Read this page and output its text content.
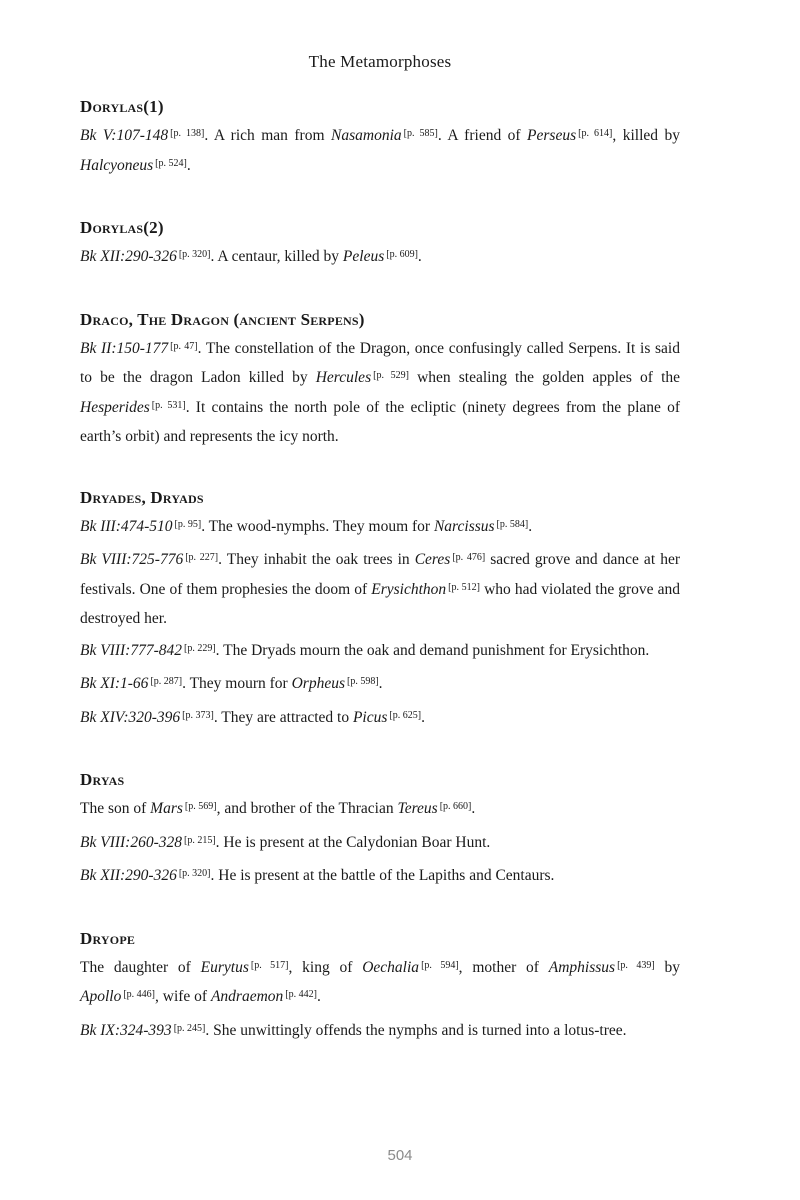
The Metamorphoses
Dorylas(1)

Bk V:107-148 [p. 138]. A rich man from Nasamonia [p. 585]. A friend of Perseus [p. 614], killed by Halcyoneus [p. 524].

Dorylas(2)

Bk XII:290-326 [p. 320]. A centaur, killed by Peleus [p. 609].

Draco, The Dragon (ancient Serpens)

Bk II:150-177 [p. 47]. The constellation of the Dragon, once confusingly called Serpens. It is said to be the dragon Ladon killed by Hercules [p. 529] when stealing the golden apples of the Hesperides [p. 531]. It contains the north pole of the ecliptic (ninety degrees from the plane of earth’s orbit) and represents the icy north.

Dryades, Dryads

Bk III:474-510 [p. 95]. The wood-nymphs. They moum for Narcissus [p. 584].

Bk VIII:725-776 [p. 227]. They inhabit the oak trees in Ceres [p. 476] sacred grove and dance at her festivals. One of them prophesies the doom of Erysichthon [p. 512] who had violated the grove and destroyed her.

Bk VIII:777-842 [p. 229]. The Dryads mourn the oak and demand punishment for Erysichthon.

Bk XI:1-66 [p. 287]. They mourn for Orpheus [p. 598].

Bk XIV:320-396 [p. 373]. They are attracted to Picus [p. 625].

Dryas

The son of Mars [p. 569], and brother of the Thracian Tereus [p. 660].

Bk VIII:260-328 [p. 215]. He is present at the Calydonian Boar Hunt.

Bk XII:290-326 [p. 320]. He is present at the battle of the Lapiths and Centaurs.

Dryope

The daughter of Eurytus [p. 517], king of Oechalia [p. 594], mother of Amphissus [p. 439] by Apollo [p. 446], wife of Andraemon [p. 442].

Bk IX:324-393 [p. 245]. She unwittingly offends the nymphs and is turned into a lotus-tree.

504
